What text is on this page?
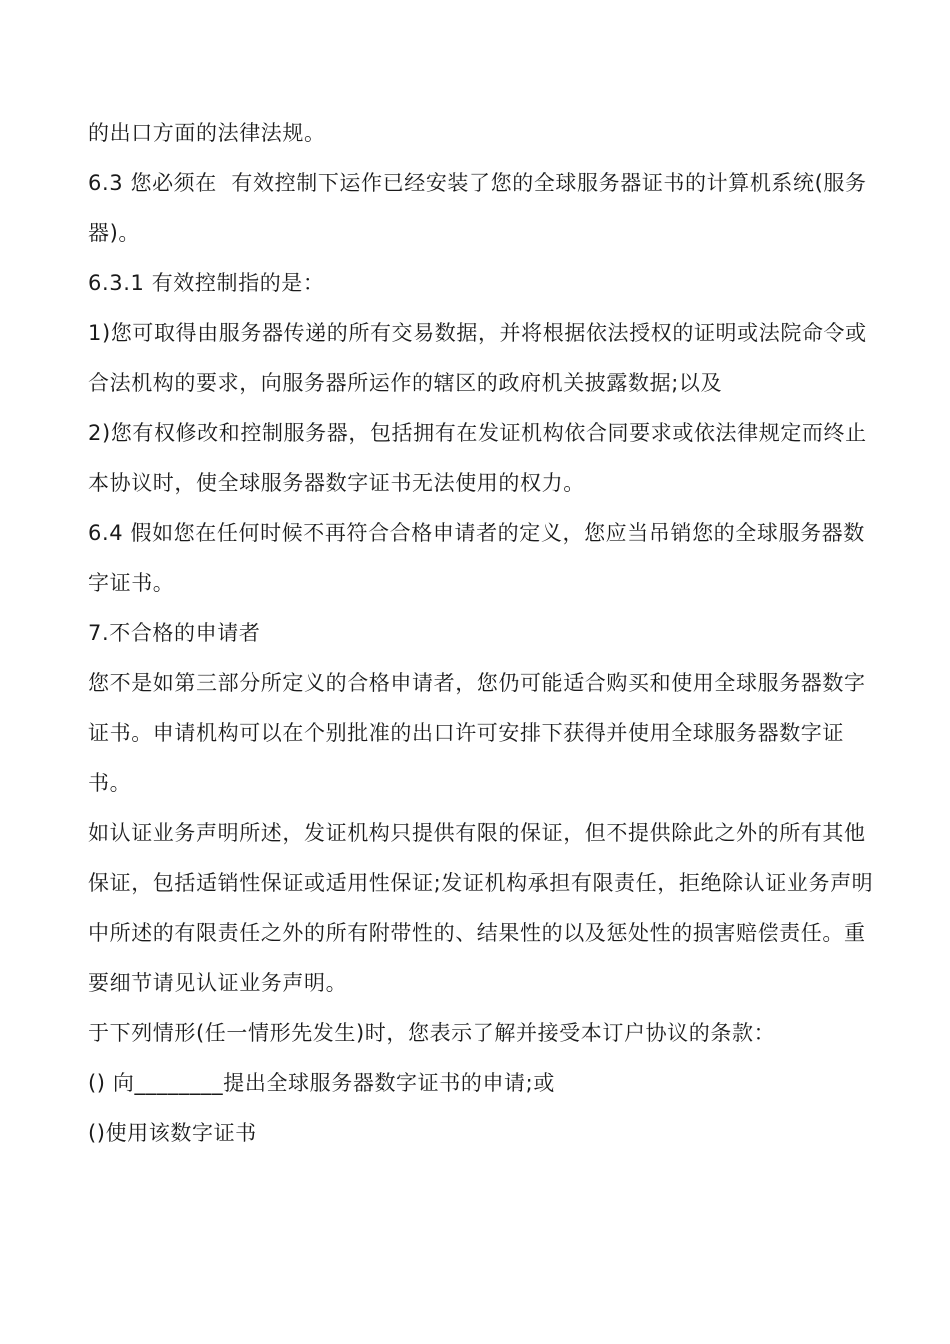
的出口方面的法律法规。

6.3 您必须在  有效控制下运作已经安装了您的全球服务器证书的计算机系统(服务器)。

6.3.1 有效控制指的是：

1)您可取得由服务器传递的所有交易数据，并将根据依法授权的证明或法院命令或合法机构的要求，向服务器所运作的辖区的政府机关披露数据;以及

2)您有权修改和控制服务器，包括拥有在发证机构依合同要求或依法律规定而终止本协议时，使全球服务器数字证书无法使用的权力。

6.4 假如您在任何时候不再符合合格申请者的定义，您应当吊销您的全球服务器数字证书。

7.不合格的申请者

您不是如第三部分所定义的合格申请者，您仍可能适合购买和使用全球服务器数字证书。申请机构可以在个别批准的出口许可安排下获得并使用全球服务器数字证书。

如认证业务声明所述，发证机构只提供有限的保证，但不提供除此之外的所有其他保证，包括适销性保证或适用性保证;发证机构承担有限责任，拒绝除认证业务声明中所述的有限责任之外的所有附带性的、结果性的以及惩处性的损害赔偿责任。重要细节请见认证业务声明。

于下列情形(任一情形先发生)时，您表示了解并接受本订户协议的条款：

() 向________提出全球服务器数字证书的申请;或

()使用该数字证书
